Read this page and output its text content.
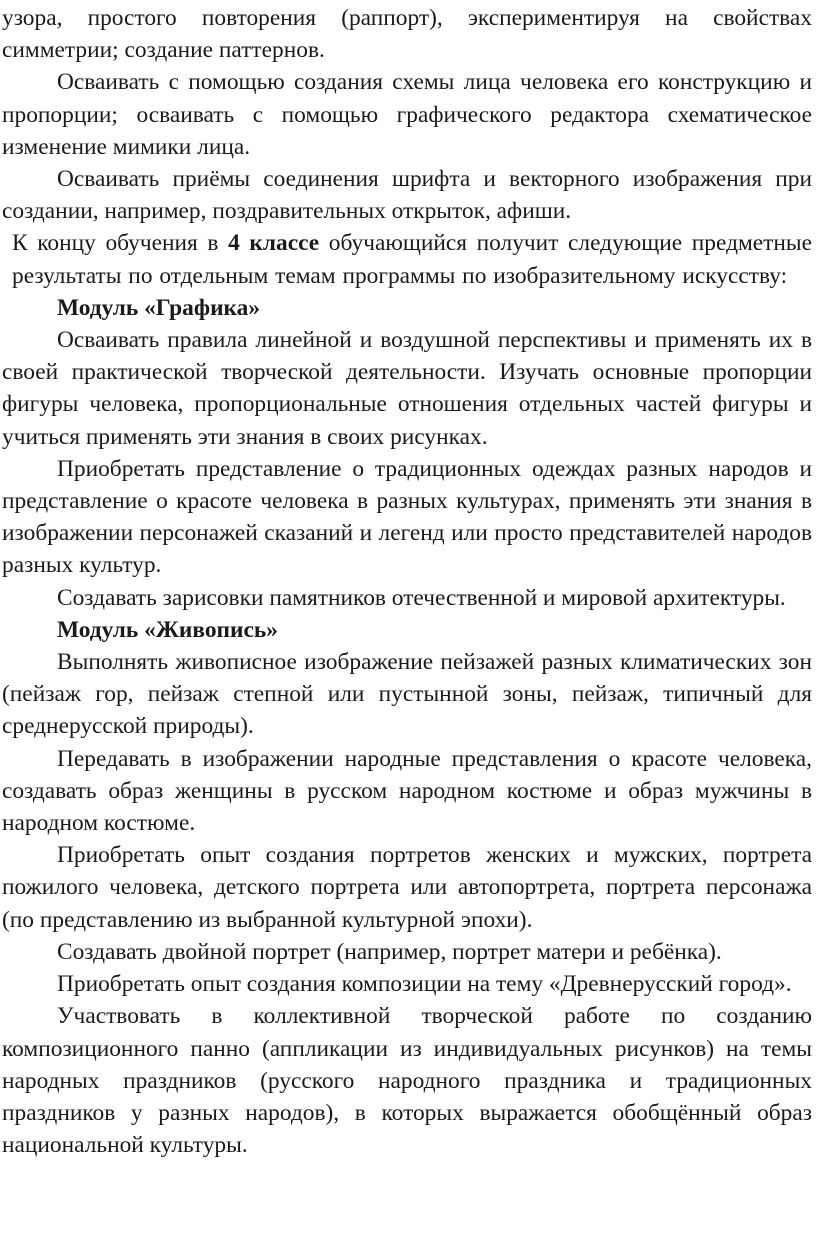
узора, простого повторения (раппорт), экспериментируя на свойствах симметрии; создание паттернов.

Осваивать с помощью создания схемы лица человека его конструкцию и пропорции; осваивать с помощью графического редактора схематическое изменение мимики лица.

Осваивать приёмы соединения шрифта и векторного изображения при создании, например, поздравительных открыток, афиши.

К концу обучения в 4 классе обучающийся получит следующие предметные результаты по отдельным темам программы по изобразительному искусству:

Модуль «Графика»

Осваивать правила линейной и воздушной перспективы и применять их в своей практической творческой деятельности. Изучать основные пропорции фигуры человека, пропорциональные отношения отдельных частей фигуры и учиться применять эти знания в своих рисунках.

Приобретать представление о традиционных одеждах разных народов и представление о красоте человека в разных культурах, применять эти знания в изображении персонажей сказаний и легенд или просто представителей народов разных культур.

Создавать зарисовки памятников отечественной и мировой архитектуры.

Модуль «Живопись»

Выполнять живописное изображение пейзажей разных климатических зон (пейзаж гор, пейзаж степной или пустынной зоны, пейзаж, типичный для среднерусской природы).

Передавать в изображении народные представления о красоте человека, создавать образ женщины в русском народном костюме и образ мужчины в народном костюме.

Приобретать опыт создания портретов женских и мужских, портрета пожилого человека, детского портрета или автопортрета, портрета персонажа (по представлению из выбранной культурной эпохи).

Создавать двойной портрет (например, портрет матери и ребёнка).

Приобретать опыт создания композиции на тему «Древнерусский город».

Участвовать в коллективной творческой работе по созданию композиционного панно (аппликации из индивидуальных рисунков) на темы народных праздников (русского народного праздника и традиционных праздников у разных народов), в которых выражается обобщённый образ национальной культуры.
